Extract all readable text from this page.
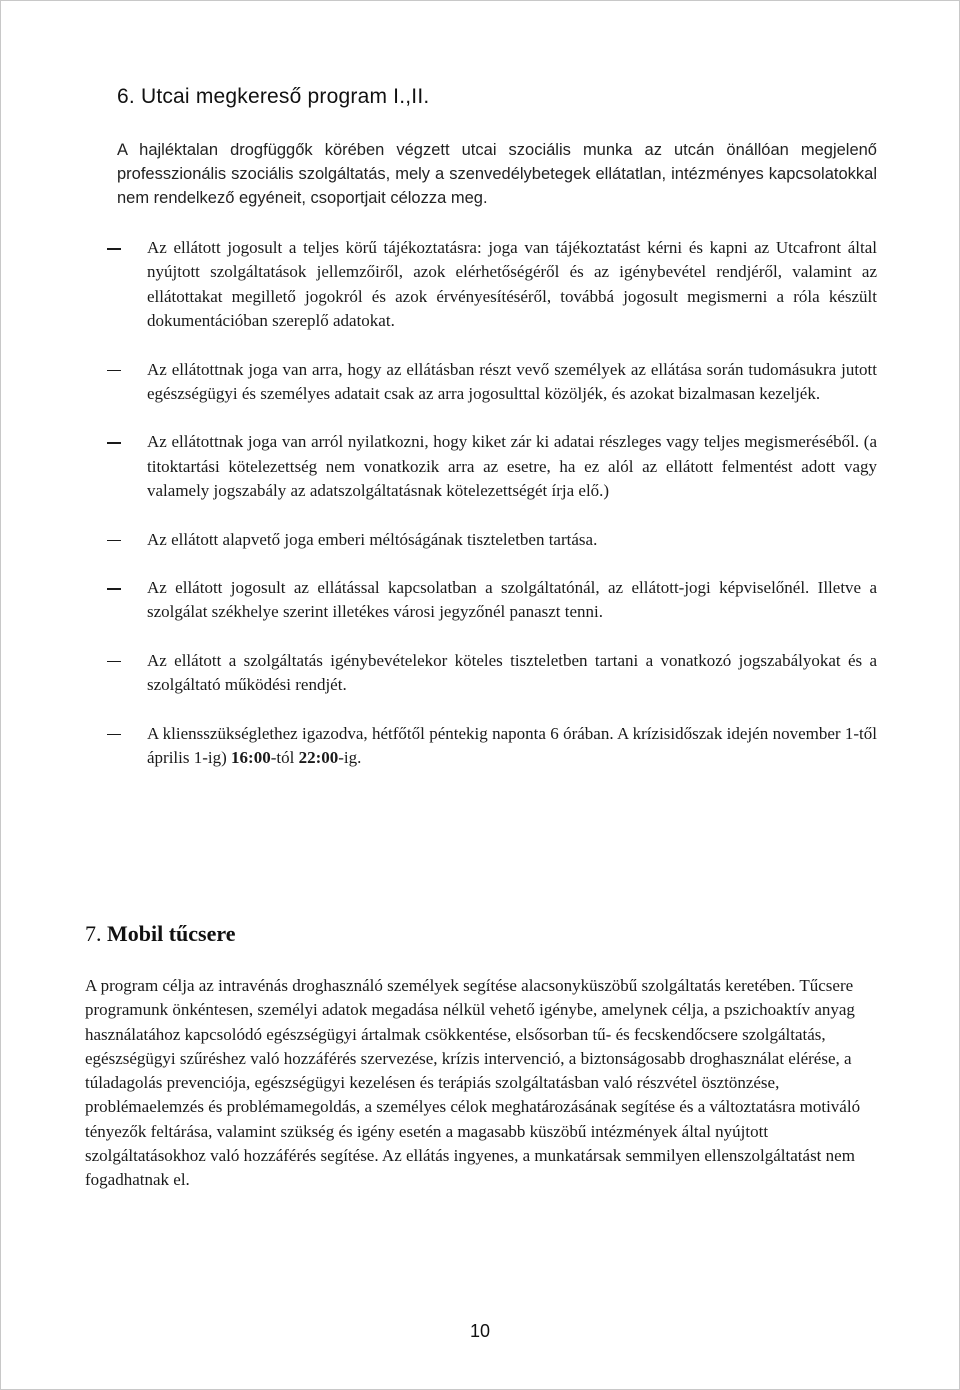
6. Utcai megkereső program I.,II.

A hajléktalan drogfüggők körében végzett utcai szociális munka az utcán önállóan megjelenő professzionális szociális szolgáltatás, mely a szenvedélybetegek ellátatlan, intézményes kapcsolatokkal nem rendelkező egyéneit, csoportjait célozza meg.

Az ellátott jogosult a teljes körű tájékoztatásra: joga van tájékoztatást kérni és kapni az Utcafront által nyújtott szolgáltatások jellemzőiről, azok elérhetőségéről és az igénybevétel rendjéről, valamint az ellátottakat megillető jogokról és azok érvényesítéséről, továbbá jogosult megismerni a róla készült dokumentációban szereplő adatokat.
Az ellátottnak joga van arra, hogy az ellátásban részt vevő személyek az ellátása során tudomásukra jutott egészségügyi és személyes adatait csak az arra jogosulttal közöljék, és azokat bizalmasan kezeljék.
Az ellátottnak joga van arról nyilatkozni, hogy kiket zár ki adatai részleges vagy teljes megismeréséből. (a titoktartási kötelezettség nem vonatkozik arra az esetre, ha ez alól az ellátott felmentést adott vagy valamely jogszabály az adatszolgáltatásnak kötelezettségét írja elő.)
Az ellátott alapvető joga emberi méltóságának tiszteletben tartása.
Az ellátott jogosult az ellátással kapcsolatban a szolgáltatónál, az ellátott-jogi képviselőnél. Illetve a szolgálat székhelye szerint illetékes városi jegyzőnél panaszt tenni.
Az ellátott a szolgáltatás igénybevételekor köteles tiszteletben tartani a vonatkozó jogszabályokat és a szolgáltató működési rendjét.
A kliensszükséglethez igazodva, hétfőtől péntekig naponta 6 órában. A krízisidőszak idején november 1-től április 1-ig) 16:00-tól 22:00-ig.
7. Mobil tűcsere

A program célja az intravénás droghasználó személyek segítése alacsonyküszöbű szolgáltatás keretében. Tűcsere programunk önkéntesen, személyi adatok megadása nélkül vehető igénybe, amelynek célja, a pszichoaktív anyag használatához kapcsolódó egészségügyi ártalmak csökkentése, elsősorban tű- és fecskendőcsere szolgáltatás, egészségügyi szűréshez való hozzáférés szervezése, krízis intervenció, a biztonságosabb droghasználat elérése, a túladagolás prevenciója, egészségügyi kezelésen és terápiás szolgáltatásban való részvétel ösztönzése, problémaelemzés és problémamegoldás, a személyes célok meghatározásának segítése és a változtatásra motiváló tényezők feltárása, valamint szükség és igény esetén a magasabb küszöbű intézmények által nyújtott szolgáltatásokhoz való hozzáférés segítése. Az ellátás ingyenes, a munkatársak semmilyen ellenszolgáltatást nem fogadhatnak el.

10
